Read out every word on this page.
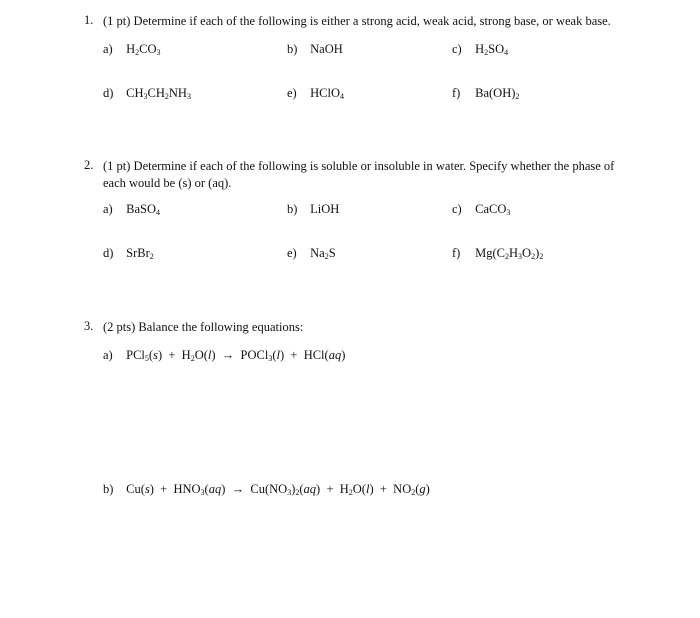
1. (1 pt) Determine if each of the following is either a strong acid, weak acid, strong base, or weak base.
a) $H_2CO_3$	b) NaOH	c) $H_2SO_4$
d) $CH_3CH_2NH_3$	e) HClO$_4$	f) $Ba(OH)_2$
2. (1 pt) Determine if each of the following is soluble or insoluble in water. Specify whether the phase of each would be (s) or (aq).
a) BaSO$_4$	b) LiOH	c) CaCO$_3$
d) SrBr$_2$	e) $Na_2S$	f) $Mg(C_2H_3O_2)_2$
3. (2 pts) Balance the following equations:
a) $PCl_5(s) + H_2O(l)$  →  POCl$_3$(l)  +  HCl(aq)
b) $Cu(s) + HNO_3(aq) \to Cu(NO_3)_2(aq) + H_2O(l) + NO_2(g)$
